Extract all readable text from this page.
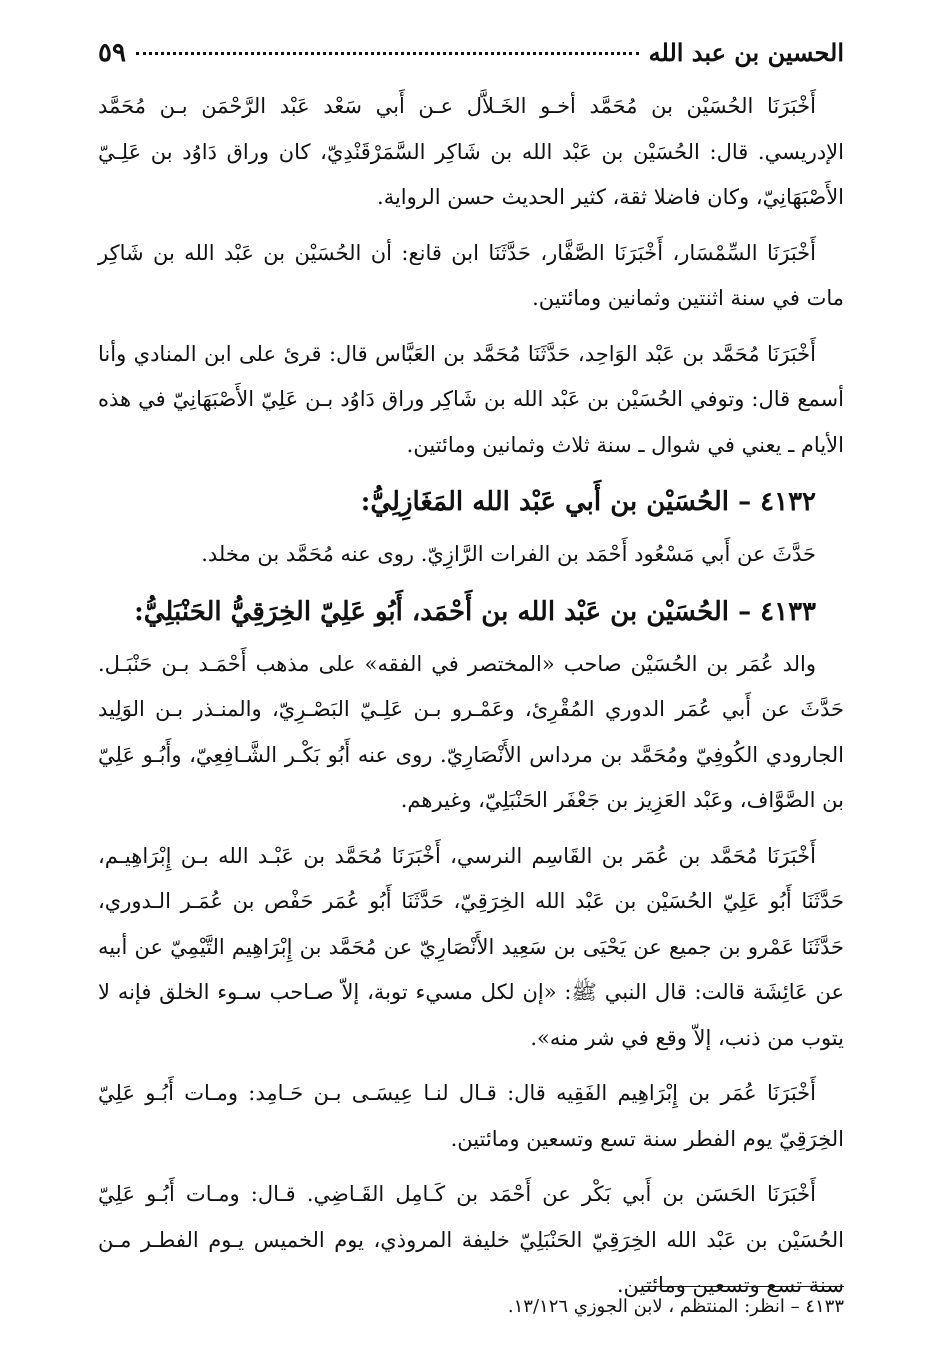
الحسين بن عبد الله
٥٩

أَخْبَرَنَا الحُسَيْن بن مُحَمَّد أخـو الخَـلاَّل عـن أَبي سَعْد عَبْد الرَّحْمَن بـن مُحَمَّد الإدريسي. قال: الحُسَيْن بن عَبْد الله بن شَاكِر السَّمَرْقَنْدِيّ، كان وراق دَاوُد بن عَلِـيّ الأَصْبَهَانِيّ، وكان فاضلا ثقة، كثير الحديث حسن الرواية.

أَخْبَرَنَا السِّمْسَار، أَخْبَرَنَا الصَّفَّار، حَدَّثَنَا ابن قانع: أن الحُسَيْن بن عَبْد الله بن شَاكِر مات في سنة اثنتين وثمانين ومائتين.

أَخْبَرَنَا مُحَمَّد بن عَبْد الوَاحِد، حَدَّثَنَا مُحَمَّد بن العَبَّاس قال: قرئ على ابن المنادي وأنا أسمع قال: وتوفي الحُسَيْن بن عَبْد الله بن شَاكِر وراق دَاوُد بـن عَلِيّ الأَصْبَهَانِيّ في هذه الأيام ـ يعني في شوال ـ سنة ثلاث وثمانين ومائتين.

٤١٣٢ – الحُسَيْن بن أَبي عَبْد الله المَغَازِلِيُّ:

حَدَّثَ عن أَبي مَسْعُود أَحْمَد بن الفرات الرَّازِيّ. روى عنه مُحَمَّد بن مخلد.

٤١٣٣ – الحُسَيْن بن عَبْد الله بن أَحْمَد، أَبُو عَلِيّ الخِرَقِيُّ الحَنْبَلِيُّ:

والد عُمَر بن الحُسَيْن صاحب «المختصر في الفقه» على مذهب أَحْمَـد بـن حَنْبَـل. حَدَّثَ عن أَبي عُمَر الدوري المُقْرِئ، وعَمْـرو بـن عَلِـيّ البَصْـرِيّ، والمنـذر بـن الوَلِيد الجارودي الكُوفِيّ ومُحَمَّد بن مرداس الأَنْصَارِيّ. روى عنه أَبُو بَكْـر الشَّـافِعِيّ، وأَبُـو عَلِيّ بن الصَّوَّاف، وعَبْد العَزِيز بن جَعْفَر الحَنْبَلِيّ، وغيرهم.

أَخْبَرَنَا مُحَمَّد بن عُمَر بن القَاسِم النرسي، أَخْبَرَنَا مُحَمَّد بن عَبْـد الله بـن إِبْرَاهِيـم، حَدَّثَنَا أَبُو عَلِيّ الحُسَيْن بن عَبْد الله الخِرَقِيّ، حَدَّثَنَا أَبُو عُمَر حَفْص بن عُمَـر الـدوري، حَدَّثَنَا عَمْرو بن جميع عن يَحْيَى بن سَعِيد الأَنْصَارِيّ عن مُحَمَّد بن إِبْرَاهِيم التَّيْمِيّ عن أبيه عن عَائِشَة قالت: قال النبي ﷺ: «إن لكل مسيء توبة، إلاّ صـاحب سـوء الخلق فإنه لا يتوب من ذنب، إلاّ وقع في شر منه».

أَخْبَرَنَا عُمَر بن إِبْرَاهِيم الفَقِيه قال: قـال لنـا عِيسَـى بـن حَـامِد: ومـات أَبُـو عَلِيّ الخِرَقِيّ يوم الفطر سنة تسع وتسعين ومائتين.

أَخْبَرَنَا الحَسَن بن أَبي بَكْر عن أَحْمَد بن كَـامِل القَـاضِي. قـال: ومـات أَبُـو عَلِيّ الحُسَيْن بن عَبْد الله الخِرَقِيّ الحَنْبَلِيّ خليفة المروذي، يوم الخميس يـوم الفطـر مـن سنة تسع وتسعين ومائتين.

٤١٣٣ – انظر: المنتظم ، لابن الجوزي ١٣/١٢٦.
